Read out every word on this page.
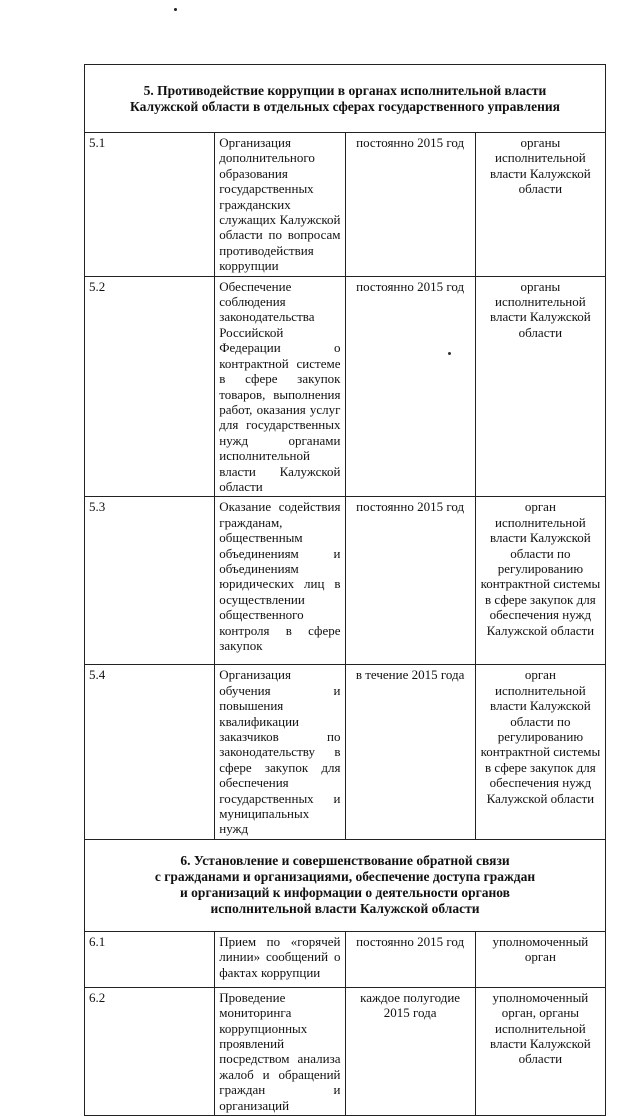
5. Противодействие коррупции в органах исполнительной власти
Калужской области в отдельных сферах государственного управления			

5.1	Организация дополнительного образования государственных гражданских служащих Калужской области по вопросам противодействия коррупции	постоянно 2015 год	органы исполнительной власти Калужской области
5.2	Обеспечение соблюдения законодательства Российской Федерации о контрактной системе в сфере закупок товаров, выполнения работ, оказания услуг для государственных нужд органами исполнительной власти Калужской области	постоянно 2015 год	органы исполнительной власти Калужской области
5.3	Оказание содействия гражданам, общественным объединениям и объединениям юридических лиц в осуществлении общественного контроля в сфере закупок	постоянно 2015 год	орган исполнительной власти Калужской области по регулированию контрактной системы в сфере закупок для обеспечения нужд Калужской области
5.4	Организация обучения и повышения квалификации заказчиков по законодательству в сфере закупок для обеспечения государственных и муниципальных нужд	в течение 2015 года	орган исполнительной власти Калужской области по регулированию контрактной системы в сфере закупок для обеспечения нужд Калужской области

6. Установление и совершенствование обратной связи
с гражданами и организациями, обеспечение доступа граждан
и организаций к информации о деятельности органов
исполнительной власти Калужской области			

6.1	Прием по «горячей линии» сообщений о фактах коррупции	постоянно 2015 год	уполномоченный орган
6.2	Проведение мониторинга коррупционных проявлений посредством анализа жалоб и обращений граждан и организаций	каждое полугодие 2015 года	уполномоченный орган, органы исполнительной власти Калужской области
